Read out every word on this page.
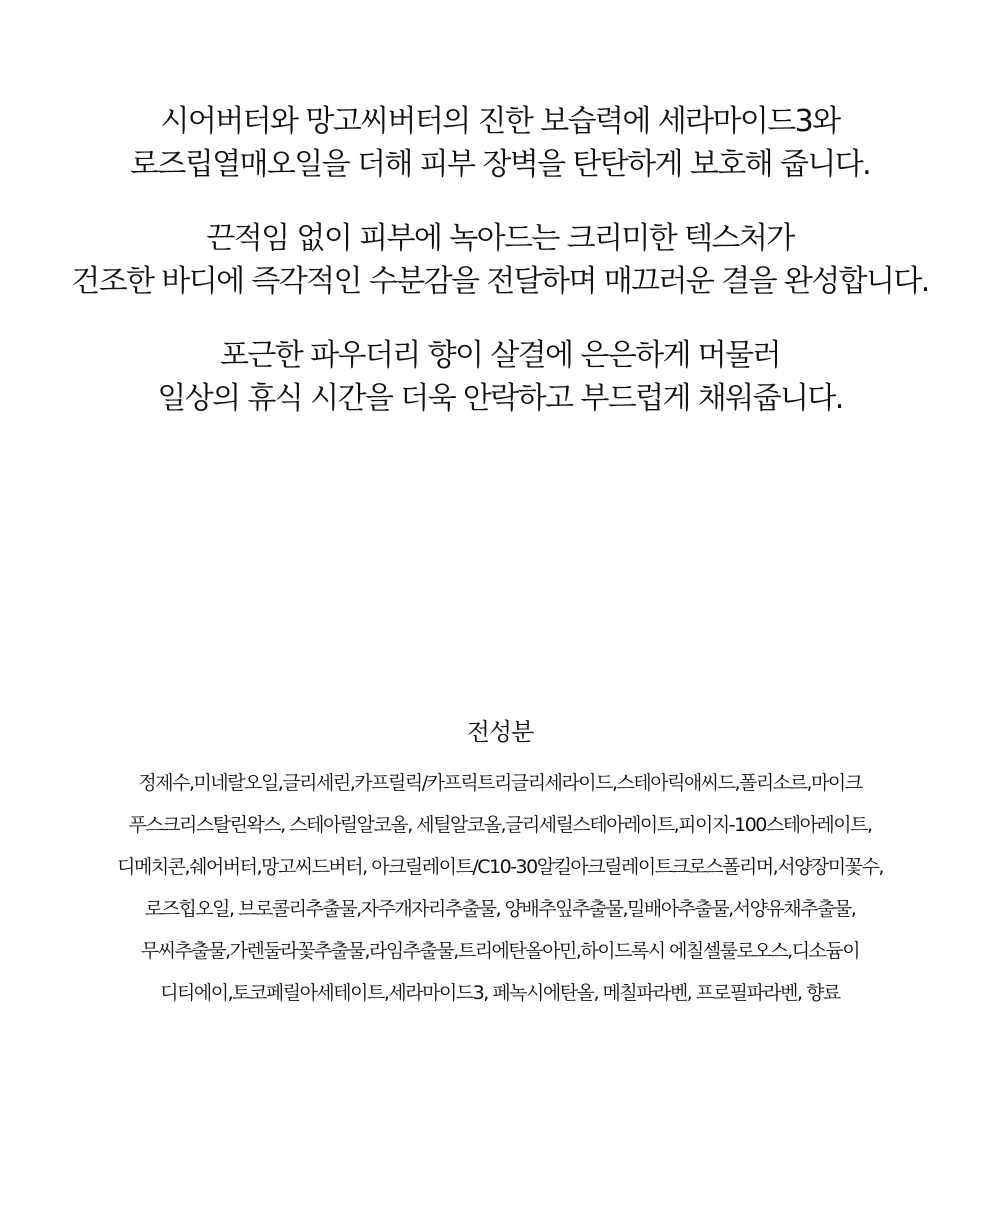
시어버터와 망고씨버터의 진한 보습력에 세라마이드3와
로즈립열매오일을 더해 피부 장벽을 탄탄하게 보호해 줍니다.
끈적임 없이 피부에 녹아드는 크리미한 텍스처가
건조한 바디에 즉각적인 수분감을 전달하며 매끄러운 결을 완성합니다.
포근한 파우더리 향이 살결에 은은하게 머물러
일상의 휴식 시간을 더욱 안락하고 부드럽게 채워줍니다.
전성분
정제수,미네랄오일,글리세린,카프릴릭/카프릭트리글리세라이드,스테아릭애씨드,폴리소르,마이크
푸스크리스탈린왁스, 스테아릴알코올, 세틸알코올,글리세릴스테아레이트,피이지-100스테아레이트,
디메치콘,쉐어버터,망고씨드버터, 아크릴레이트/C10-30알킬아크릴레이트크로스폴리머,서양장미꽃수,
로즈힙오일, 브로콜리추출물,자주개자리추출물, 양배추잎추출물,밀배아추출물,서양유채추출물,
무씨추출물,가렌둘라꽃추출물,라임추출물,트리에탄올아민,하이드록시 에칠셀룰로오스,디소듐이
디티에이,토코페릴아세테이트,세라마이드3, 페녹시에탄올, 메칠파라벤, 프로필파라벤, 향료
